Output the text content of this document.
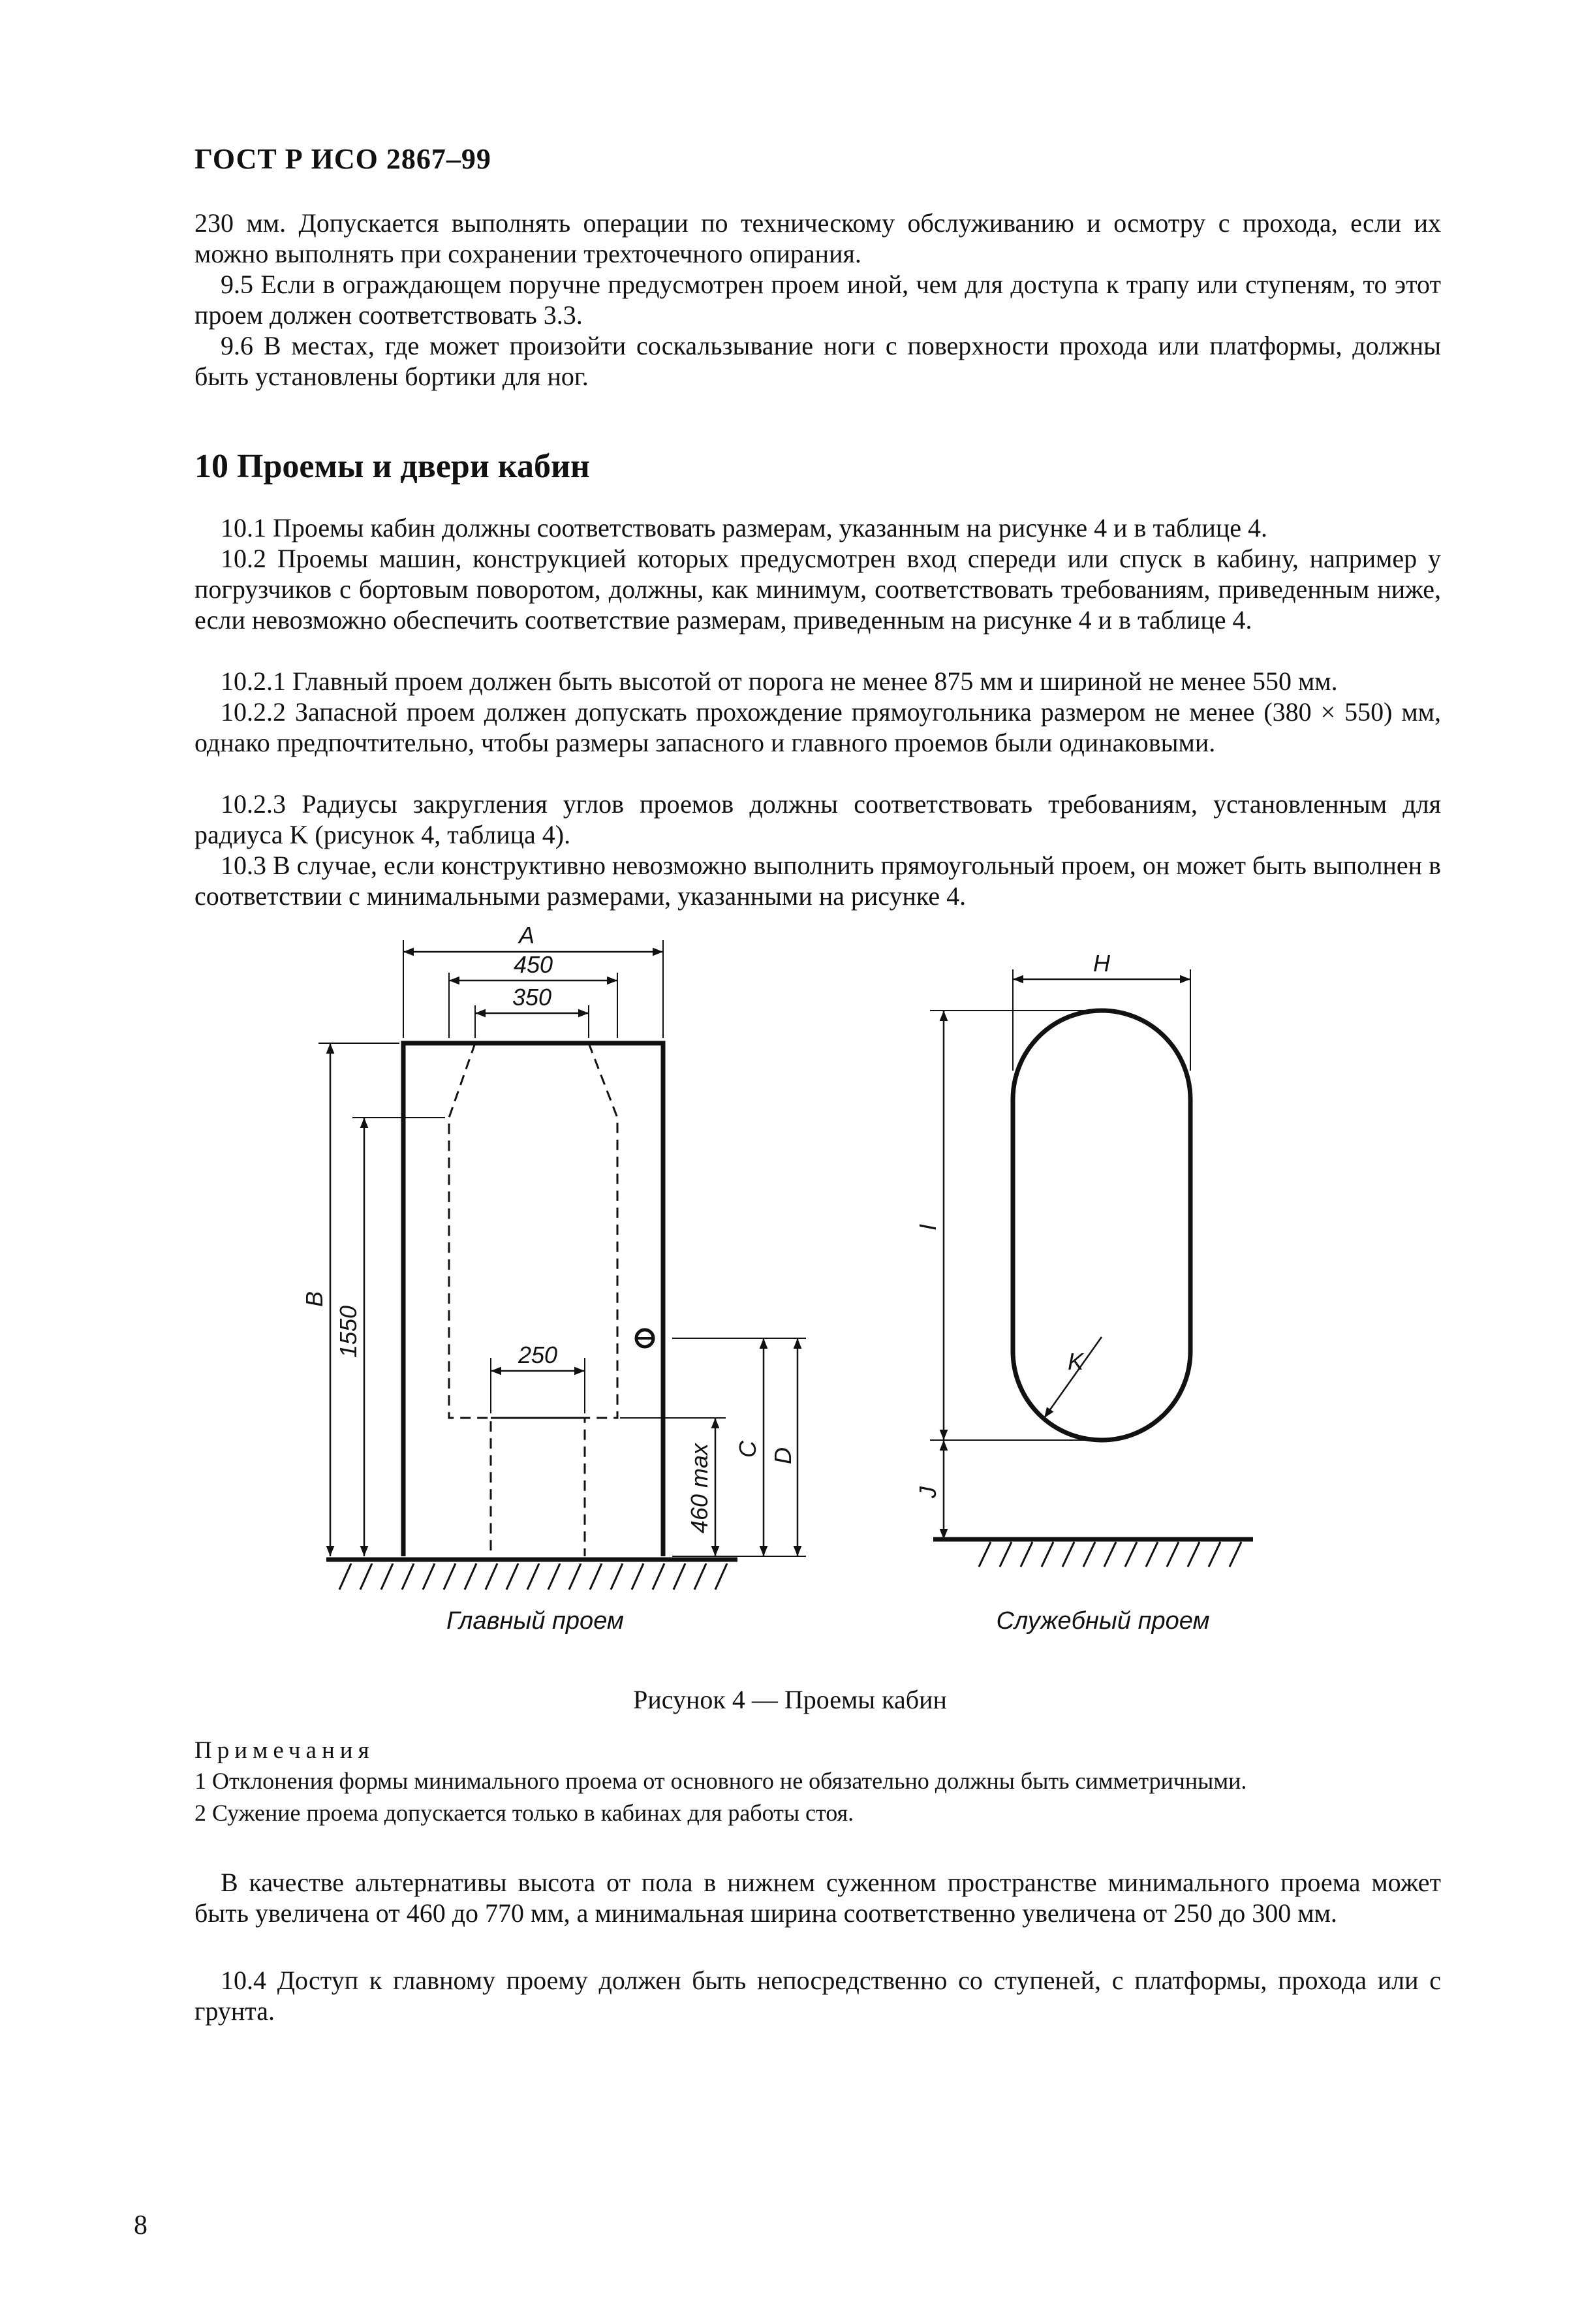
ГОСТ Р ИСО 2867–99

230 мм. Допускается выполнять операции по техническому обслуживанию и осмотру с прохода, если их можно выполнять при сохранении трехточечного опирания.

9.5 Если в ограждающем поручне предусмотрен проем иной, чем для доступа к трапу или ступеням, то этот проем должен соответствовать 3.3.

9.6 В местах, где может произойти соскальзывание ноги с поверхности прохода или платформы, должны быть установлены бортики для ног.

10 Проемы и двери кабин

10.1 Проемы кабин должны соответствовать размерам, указанным на рисунке 4 и в таблице 4.

10.2 Проемы машин, конструкцией которых предусмотрен вход спереди или спуск в кабину, например у погрузчиков с бортовым поворотом, должны, как минимум, соответствовать требованиям, приведенным ниже, если невозможно обеспечить соответствие размерам, приведенным на рисунке 4 и в таблице 4.

10.2.1 Главный проем должен быть высотой от порога не менее 875 мм и шириной не менее 550 мм.

10.2.2 Запасной проем должен допускать прохождение прямоугольника размером не менее (380 × 550) мм, однако предпочтительно, чтобы размеры запасного и главного проемов были одинаковыми.

10.2.3 Радиусы закругления углов проемов должны соответствовать требованиям, установленным для радиуса K (рисунок 4, таблица 4).

10.3 В случае, если конструктивно невозможно выполнить прямоугольный проем, он может быть выполнен в соответствии с минимальными размерами, указанными на рисунке 4.

A
450
350
250
B
1550
460 max C D
Главный проем
H
I
J
K
Служебный проем
Рисунок 4 — Проемы кабин
Примечания
1 Отклонения формы минимального проема от основного не обязательно должны быть симметричными.
2 Сужение проема допускается только в кабинах для работы стоя.

В качестве альтернативы высота от пола в нижнем суженном пространстве минимального проема может быть увеличена от 460 до 770 мм, а минимальная ширина соответственно увеличена от 250 до 300 мм.

10.4 Доступ к главному проему должен быть непосредственно со ступеней, с платформы, прохода или с грунта.

8
